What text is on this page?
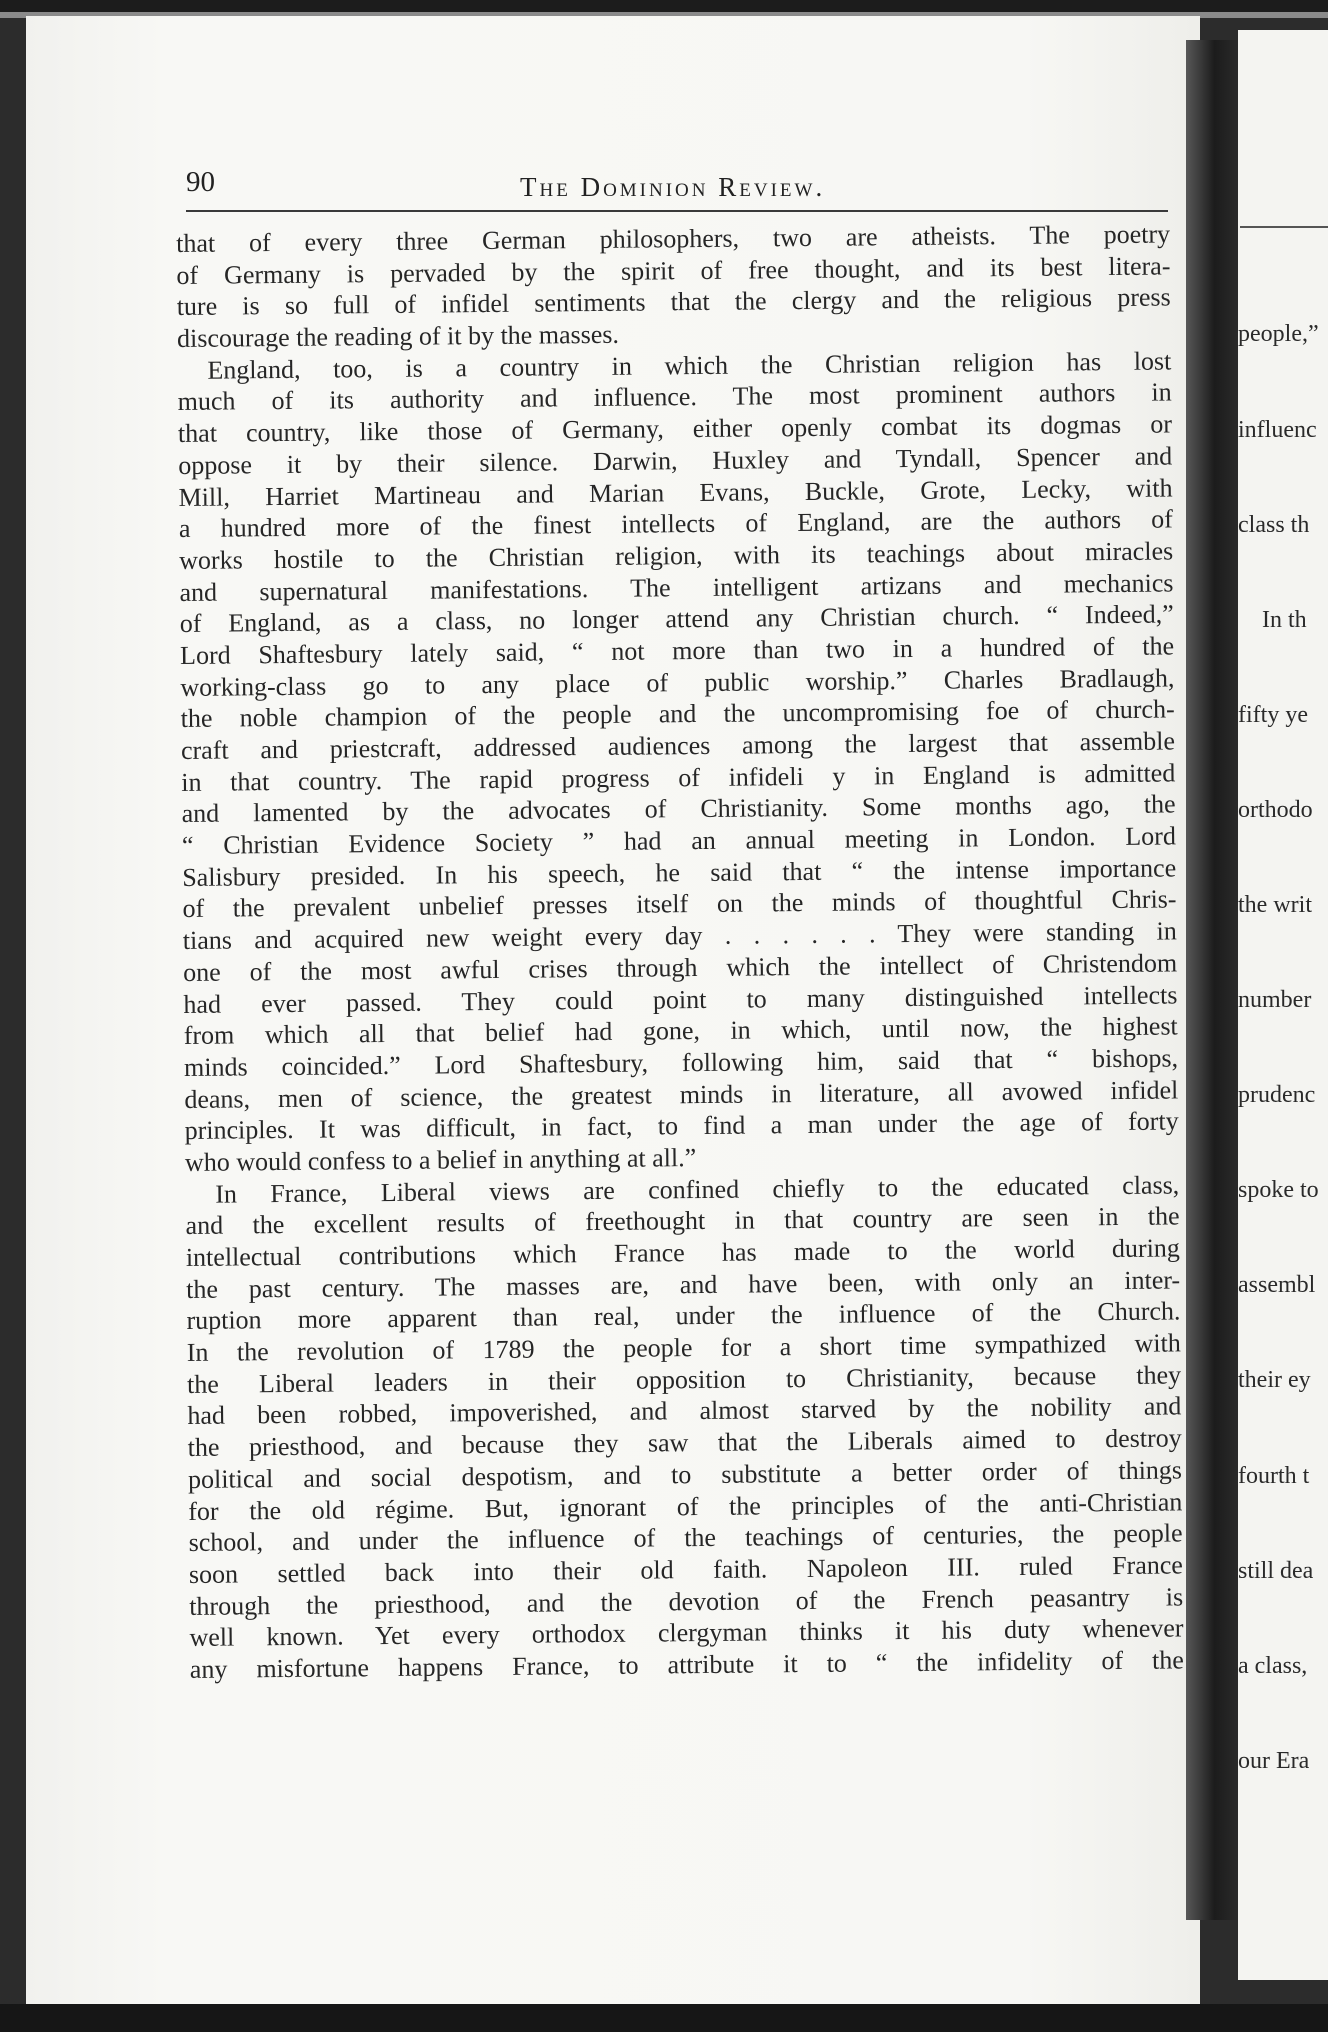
people,”

influenc

class th

In th

fifty ye

orthodo

the writ

number

prudenc

spoke to

assembl

their ey

fourth t

still dea

a class,

our Era

90	The Dominion Review.
that of every three German philosophers, two are atheists. The poetry
of Germany is pervaded by the spirit of free thought, and its best litera-
ture is so full of infidel sentiments that the clergy and the religious press
discourage the reading of it by the masses.
England, too, is a country in which the Christian religion has lost
much of its authority and influence. The most prominent authors in
that country, like those of Germany, either openly combat its dogmas or
oppose it by their silence. Darwin, Huxley and Tyndall, Spencer and
Mill, Harriet Martineau and Marian Evans, Buckle, Grote, Lecky, with
a hundred more of the finest intellects of England, are the authors of
works hostile to the Christian religion, with its teachings about miracles
and supernatural manifestations. The intelligent artizans and mechanics
of England, as a class, no longer attend any Christian church. “ Indeed,”
Lord Shaftesbury lately said, “ not more than two in a hundred of the
working-class go to any place of public worship.” Charles Bradlaugh,
the noble champion of the people and the uncompromising foe of church-
craft and priestcraft, addressed audiences among the largest that assemble
in that country. The rapid progress of infideli y in England is admitted
and lamented by the advocates of Christianity. Some months ago, the
“ Christian Evidence Society ” had an annual meeting in London. Lord
Salisbury presided. In his speech, he said that “ the intense importance
of the prevalent unbelief presses itself on the minds of thoughtful Chris-
tians and acquired new weight every day . . . . . . They were standing in
one of the most awful crises through which the intellect of Christendom
had ever passed. They could point to many distinguished intellects
from which all that belief had gone, in which, until now, the highest
minds coincided.” Lord Shaftesbury, following him, said that “ bishops,
deans, men of science, the greatest minds in literature, all avowed infidel
principles. It was difficult, in fact, to find a man under the age of forty
who would confess to a belief in anything at all.”
In France, Liberal views are confined chiefly to the educated class,
and the excellent results of freethought in that country are seen in the
intellectual contributions which France has made to the world during
the past century. The masses are, and have been, with only an inter-
ruption more apparent than real, under the influence of the Church.
In the revolution of 1789 the people for a short time sympathized with
the Liberal leaders in their opposition to Christianity, because they
had been robbed, impoverished, and almost starved by the nobility and
the priesthood, and because they saw that the Liberals aimed to destroy
political and social despotism, and to substitute a better order of things
for the old régime. But, ignorant of the principles of the anti-Christian
school, and under the influence of the teachings of centuries, the people
soon settled back into their old faith. Napoleon III. ruled France
through the priesthood, and the devotion of the French peasantry is
well known. Yet every orthodox clergyman thinks it his duty whenever
any misfortune happens France, to attribute it to “ the infidelity of the
